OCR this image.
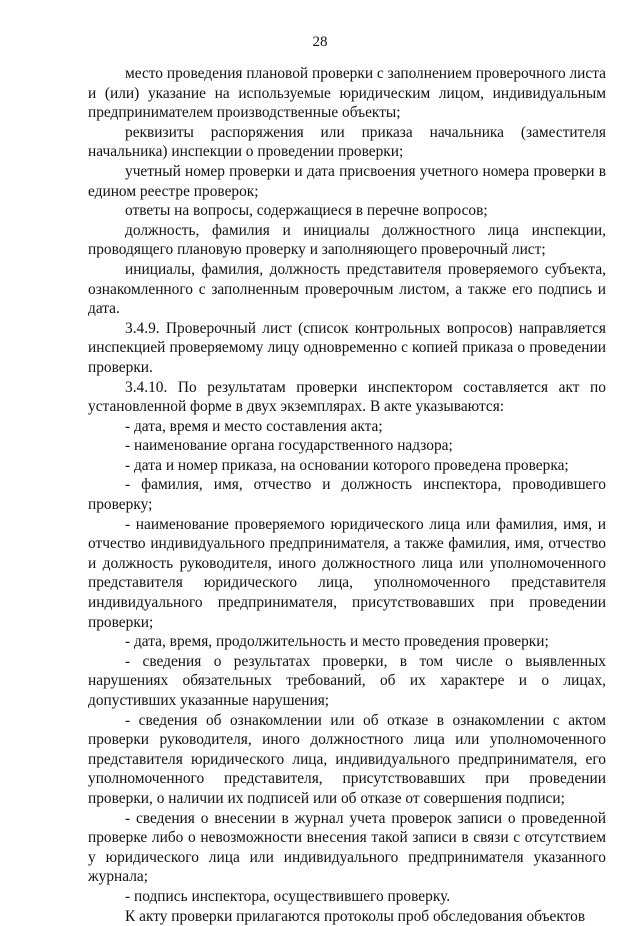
28

место проведения плановой проверки с заполнением проверочного листа и (или) указание на используемые юридическим лицом, индивидуальным предпринимателем производственные объекты;

реквизиты распоряжения или приказа начальника (заместителя начальника) инспекции о проведении проверки;

учетный номер проверки и дата присвоения учетного номера проверки в едином реестре проверок;

ответы на вопросы, содержащиеся в перечне вопросов;

должность, фамилия и инициалы должностного лица инспекции, проводящего плановую проверку и заполняющего проверочный лист;

инициалы, фамилия, должность представителя проверяемого субъекта, ознакомленного с заполненным проверочным листом, а также его подпись и дата.

3.4.9. Проверочный лист (список контрольных вопросов) направляется инспекцией проверяемому лицу одновременно с копией приказа о проведении проверки.

3.4.10. По результатам проверки инспектором составляется акт по установленной форме в двух экземплярах. В акте указываются:

- дата, время и место составления акта;

- наименование органа государственного надзора;

- дата и номер приказа, на основании которого проведена проверка;

- фамилия, имя, отчество и должность инспектора, проводившего проверку;

- наименование проверяемого юридического лица или фамилия, имя, и отчество индивидуального предпринимателя, а также фамилия, имя, отчество и должность руководителя, иного должностного лица или уполномоченного представителя юридического лица, уполномоченного представителя индивидуального предпринимателя, присутствовавших при проведении проверки;

- дата, время, продолжительность и место проведения проверки;

- сведения о результатах проверки, в том числе о выявленных нарушениях обязательных требований, об их характере и о лицах, допустивших указанные нарушения;

- сведения об ознакомлении или об отказе в ознакомлении с актом проверки руководителя, иного должностного лица или уполномоченного представителя юридического лица, индивидуального предпринимателя, его уполномоченного представителя, присутствовавших при проведении проверки, о наличии их подписей или об отказе от совершения подписи;

- сведения о внесении в журнал учета проверок записи о проведенной проверке либо о невозможности внесения такой записи в связи с отсутствием у юридического лица или индивидуального предпринимателя указанного журнала;

- подпись инспектора, осуществившего проверку.

К акту проверки прилагаются протоколы проб обследования объектов
